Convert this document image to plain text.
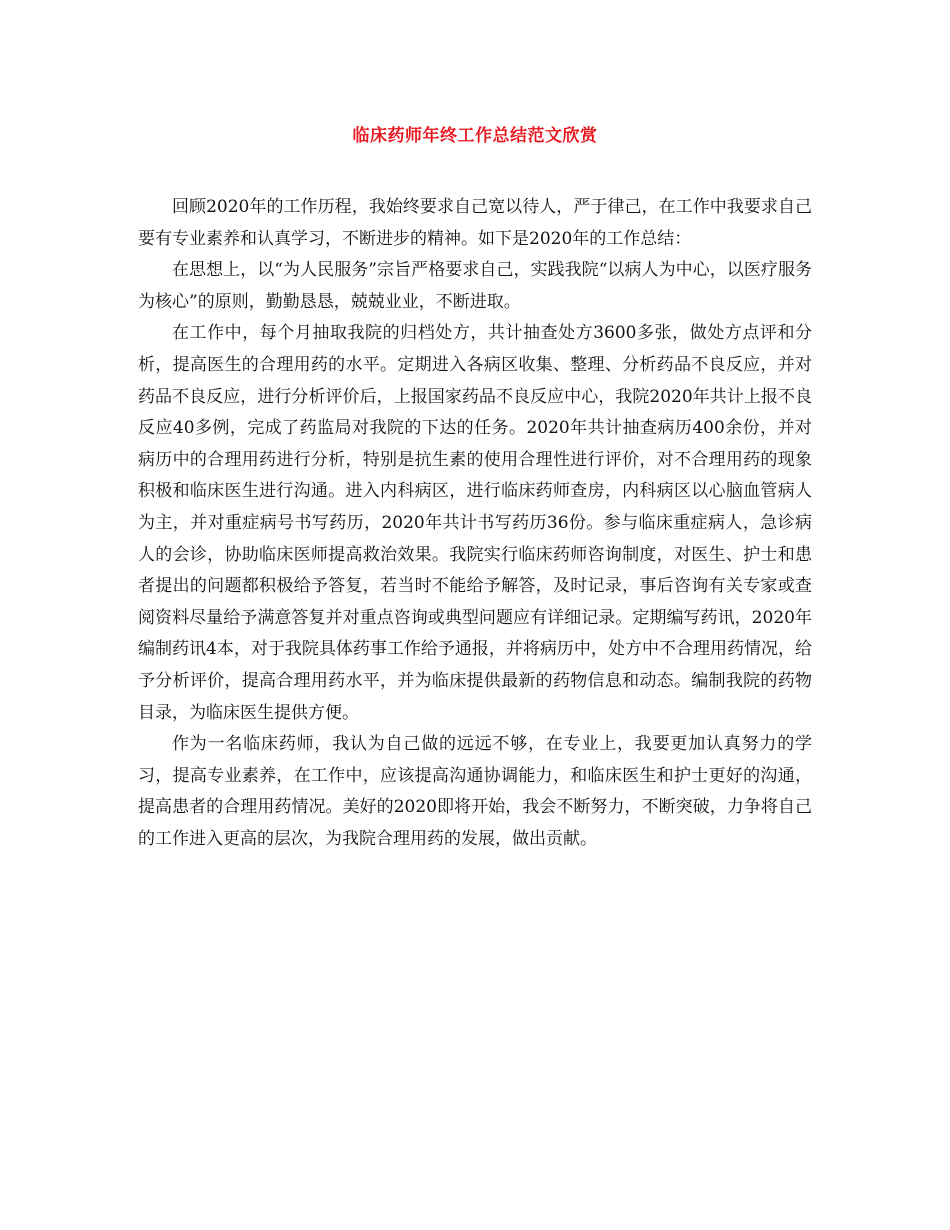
临床药师年终工作总结范文欣赏

回顾2020年的工作历程，我始终要求自己宽以待人，严于律己，在工作中我要求自己要有专业素养和认真学习，不断进步的精神。如下是2020年的工作总结：

在思想上，以“为人民服务”宗旨严格要求自己，实践我院“以病人为中心，以医疗服务为核心”的原则，勤勤恳恳，兢兢业业，不断进取。

在工作中，每个月抽取我院的归档处方，共计抽查处方3600多张，做处方点评和分析，提高医生的合理用药的水平。定期进入各病区收集、整理、分析药品不良反应，并对药品不良反应，进行分析评价后，上报国家药品不良反应中心，我院2020年共计上报不良反应40多例，完成了药监局对我院的下达的任务。2020年共计抽查病历400余份，并对病历中的合理用药进行分析，特别是抗生素的使用合理性进行评价，对不合理用药的现象积极和临床医生进行沟通。进入内科病区，进行临床药师查房，内科病区以心脑血管病人为主，并对重症病号书写药历，2020年共计书写药历36份。参与临床重症病人，急诊病人的会诊，协助临床医师提高救治效果。我院实行临床药师咨询制度，对医生、护士和患者提出的问题都积极给予答复，若当时不能给予解答，及时记录，事后咨询有关专家或查阅资料尽量给予满意答复并对重点咨询或典型问题应有详细记录。定期编写药讯，2020年编制药讯4本，对于我院具体药事工作给予通报，并将病历中，处方中不合理用药情况，给予分析评价，提高合理用药水平，并为临床提供最新的药物信息和动态。编制我院的药物目录，为临床医生提供方便。

作为一名临床药师，我认为自己做的远远不够，在专业上，我要更加认真努力的学习，提高专业素养，在工作中，应该提高沟通协调能力，和临床医生和护士更好的沟通，提高患者的合理用药情况。美好的2020即将开始，我会不断努力，不断突破，力争将自己的工作进入更高的层次，为我院合理用药的发展，做出贡献。
